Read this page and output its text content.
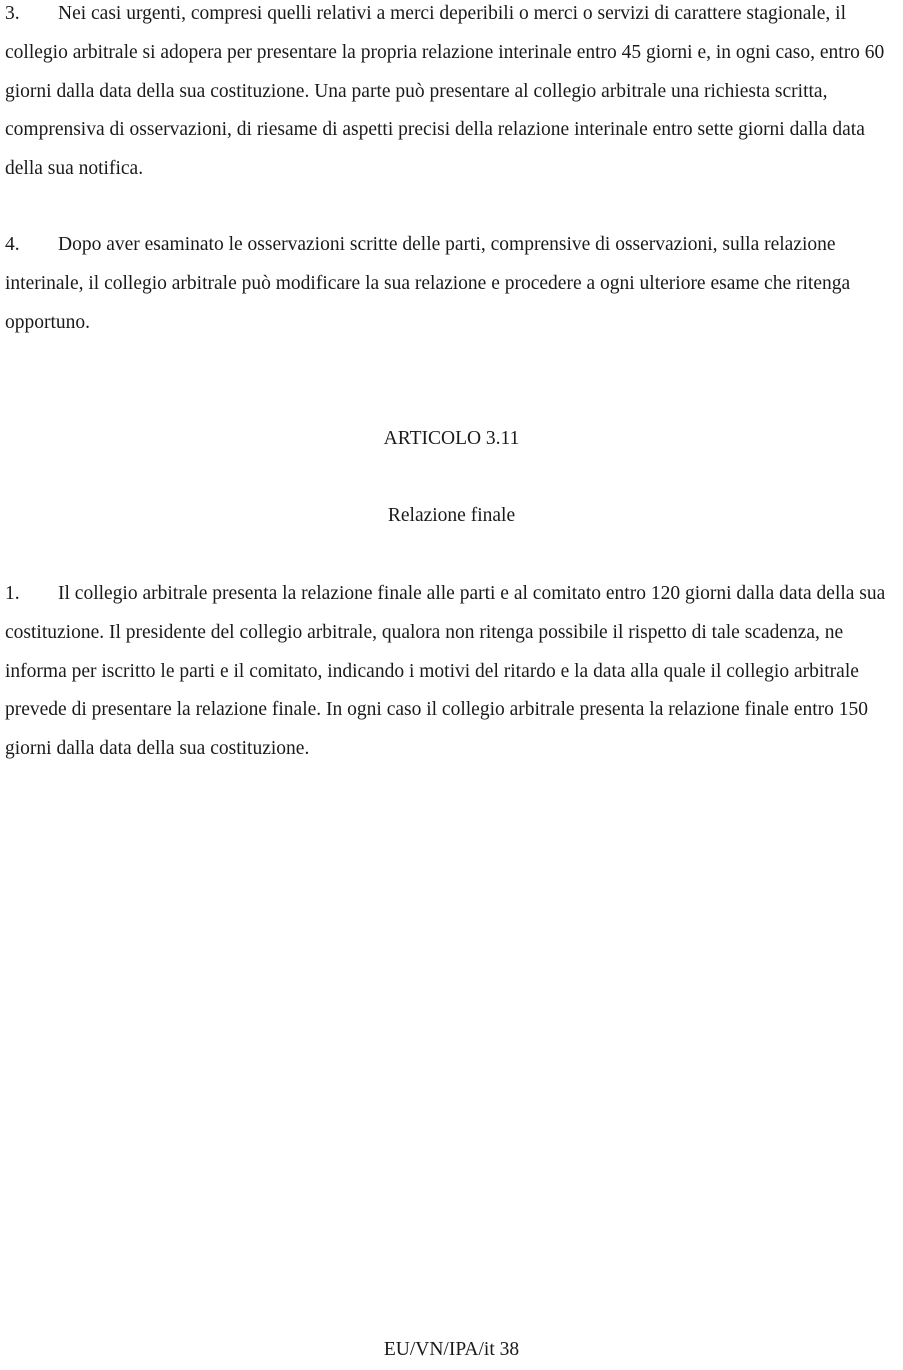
3. Nei casi urgenti, compresi quelli relativi a merci deperibili o merci o servizi di carattere stagionale, il collegio arbitrale si adopera per presentare la propria relazione interinale entro 45 giorni e, in ogni caso, entro 60 giorni dalla data della sua costituzione. Una parte può presentare al collegio arbitrale una richiesta scritta, comprensiva di osservazioni, di riesame di aspetti precisi della relazione interinale entro sette giorni dalla data della sua notifica.

4. Dopo aver esaminato le osservazioni scritte delle parti, comprensive di osservazioni, sulla relazione interinale, il collegio arbitrale può modificare la sua relazione e procedere a ogni ulteriore esame che ritenga opportuno.

ARTICOLO 3.11

Relazione finale

1. Il collegio arbitrale presenta la relazione finale alle parti e al comitato entro 120 giorni dalla data della sua costituzione. Il presidente del collegio arbitrale, qualora non ritenga possibile il rispetto di tale scadenza, ne informa per iscritto le parti e il comitato, indicando i motivi del ritardo e la data alla quale il collegio arbitrale prevede di presentare la relazione finale. In ogni caso il collegio arbitrale presenta la relazione finale entro 150 giorni dalla data della sua costituzione.

EU/VN/IPA/it 38
